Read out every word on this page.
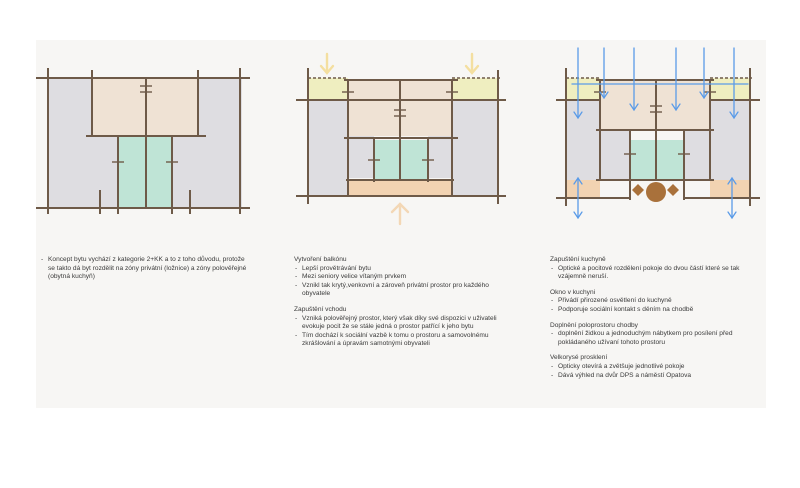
- Koncept bytu vychází z kategorie 2+KK a to z toho důvodu, protože se takto dá byt rozdělit na zóny privátní (ložnice) a zóny polověřejné (obytná kuchyň)

Vytvoření balkónu

- Lepší provětrávání bytu
- Mezi seniory velice vítaným prvkem
- Vznikl tak krytý,venkovní a zároveň privátní prostor pro každého obyvatele

Zapuštění vchodu

- Vzniká polověřejný prostor, který však díky své dispozici v uživateli evokuje pocit že se stále jedná o prostor patřící k jeho bytu
- Tím dochází k sociální vazbě k tomu o prostoru a samovolnému zkrášlování a úpravám samotnými obyvateli

Zapuštění kuchyně

- Optické a pocitové rozdělení pokoje do dvou částí které se tak vzájemně neruší.

Okno v kuchyni

- Přivádí přirozené osvětlení do kuchyně
- Podporuje sociální kontakt s děním na chodbě

Doplnění poloprostoru chodby

- doplnění židkou a jednoduchým nábytkem pro posílení před pokládaného užívaní tohoto prostoru

Velkorysé prosklení

- Opticky otevírá a zvětšuje jednotlivé pokoje
- Dává výhled na dvůr DPS a náměstí Opatova
